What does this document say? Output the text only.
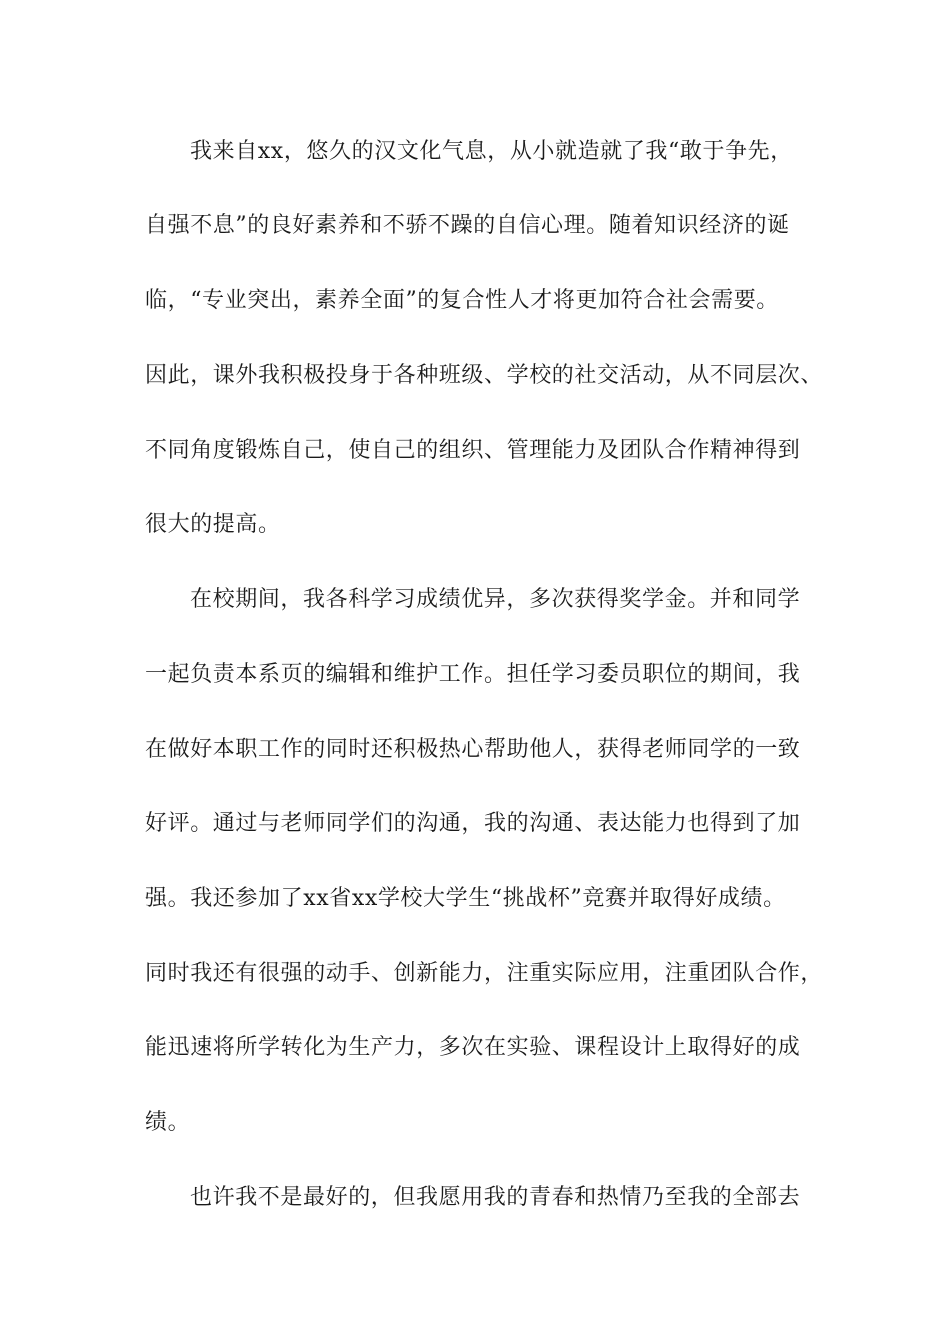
我来自xx，悠久的汉文化气息，从小就造就了我“敢于争先，
自强不息”的良好素养和不骄不躁的自信心理。随着知识经济的诞
临，“专业突出，素养全面”的复合性人才将更加符合社会需要。
因此，课外我积极投身于各种班级、学校的社交活动，从不同层次、
不同角度锻炼自己，使自己的组织、管理能力及团队合作精神得到
很大的提高。
在校期间，我各科学习成绩优异，多次获得奖学金。并和同学
一起负责本系页的编辑和维护工作。担任学习委员职位的期间，我
在做好本职工作的同时还积极热心帮助他人，获得老师同学的一致
好评。通过与老师同学们的沟通，我的沟通、表达能力也得到了加
强。我还参加了xx省xx学校大学生“挑战杯”竞赛并取得好成绩。
同时我还有很强的动手、创新能力，注重实际应用，注重团队合作，
能迅速将所学转化为生产力，多次在实验、课程设计上取得好的成
绩。
也许我不是最好的，但我愿用我的青春和热情乃至我的全部去
